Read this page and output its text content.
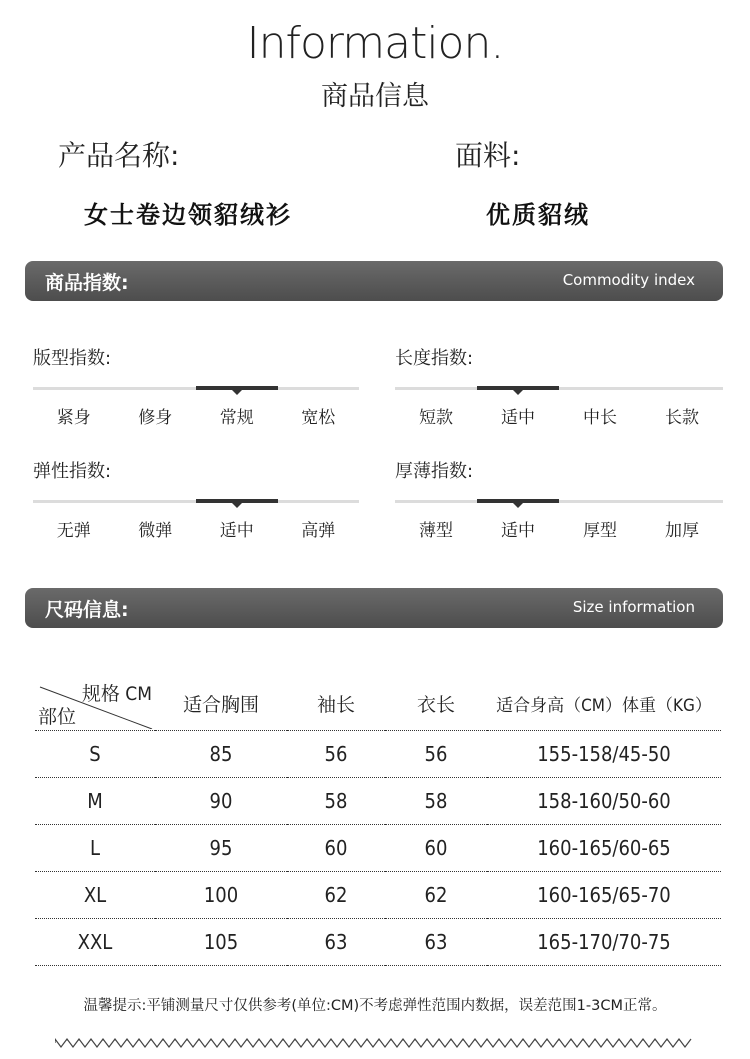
Information.
商品信息
产品名称:
女士卷边领貂绒衫
面料:
优质貂绒
商品指数:	Commodity index
版型指数:
紧身	修身	常规	宽松
长度指数:
短款	适中	中长	长款
弹性指数:
无弹	微弹	适中	高弹
厚薄指数:
薄型	适中	厚型	加厚
尺码信息:	Size information
规格 CM
部位	适合胸围	袖长	衣长	适合身高（CM）体重（KG）
S	85	56	56	155-158/45-50
M	90	58	58	158-160/50-60
L	95	60	60	160-165/60-65
XL	100	62	62	160-165/65-70
XXL	105	63	63	165-170/70-75
温馨提示:平铺测量尺寸仅供参考(单位:CM)不考虑弹性范围内数据，误差范围1-3CM正常。
